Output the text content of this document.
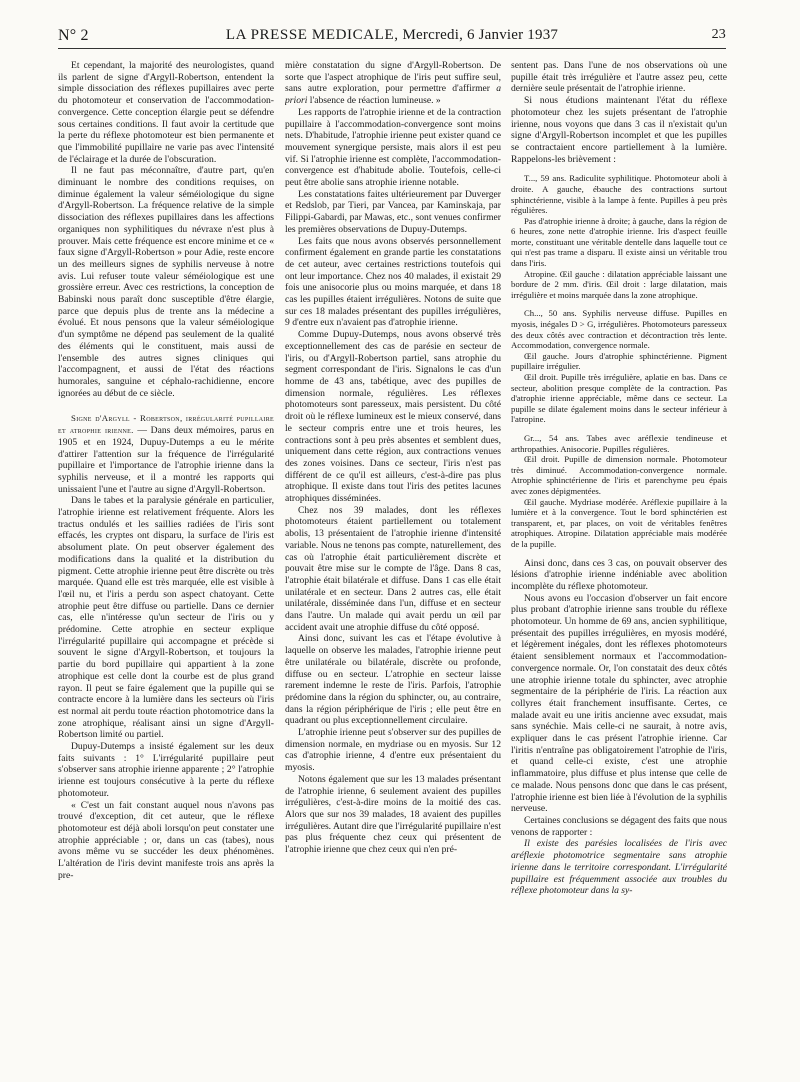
N° 2	LA PRESSE MEDICALE, Mercredi, 6 Janvier 1937	23

Et cependant, la majorité des neurologistes, quand ils parlent de signe d'Argyll-Robertson, entendent la simple dissociation des réflexes pupillaires avec perte du photomoteur et conservation de l'accommodation-convergence. Cette conception élargie peut se défendre sous certaines conditions. Il faut avoir la certitude que la perte du réflexe photomoteur est bien permanente et que l'immobilité pupillaire ne varie pas avec l'intensité de l'éclairage et la durée de l'obscuration.

Il ne faut pas méconnaître, d'autre part, qu'en diminuant le nombre des conditions requises, on diminue également la valeur séméiologique du signe d'Argyll-Robertson. La fréquence relative de la simple dissociation des réflexes pupillaires dans les affections organiques non syphilitiques du névraxe n'est plus à prouver. Mais cette fréquence est encore minime et ce « faux signe d'Argyll-Robertson » pour Adie, reste encore un des meilleurs signes de syphilis nerveuse à notre avis. Lui refuser toute valeur séméiologique est une grossière erreur. Avec ces restrictions, la conception de Babinski nous paraît donc susceptible d'être élargie, parce que depuis plus de trente ans la médecine a évolué. Et nous pensons que la valeur séméiologique d'un symptôme ne dépend pas seulement de la qualité des éléments qui le constituent, mais aussi de l'ensemble des autres signes cliniques qui l'accompagnent, et aussi de l'état des réactions humorales, sanguine et céphalo-rachidienne, encore ignorées au début de ce siècle.

Signe d'Argyll - Robertson, irrégularité pupillaire et atrophie irienne. — Dans deux mémoires, parus en 1905 et en 1924, Dupuy-Dutemps a eu le mérite d'attirer l'attention sur la fréquence de l'irrégularité pupillaire et l'importance de l'atrophie irienne dans la syphilis nerveuse, et il a montré les rapports qui unissaient l'une et l'autre au signe d'Argyll-Robertson.

Dans le tabes et la paralysie générale en particulier, l'atrophie irienne est relativement fréquente. Alors les tractus ondulés et les saillies radiées de l'iris sont effacés, les cryptes ont disparu, la surface de l'iris est absolument plate. On peut observer également des modifications dans la qualité et la distribution du pigment. Cette atrophie irienne peut être discrète ou très marquée. Quand elle est très marquée, elle est visible à l'œil nu, et l'iris a perdu son aspect chatoyant. Cette atrophie peut être diffuse ou partielle. Dans ce dernier cas, elle n'intéresse qu'un secteur de l'iris ou y prédomine. Cette atrophie en secteur explique l'irrégularité pupillaire qui accompagne et précède si souvent le signe d'Argyll-Robertson, et toujours la partie du bord pupillaire qui appartient à la zone atrophique est celle dont la courbe est de plus grand rayon. Il peut se faire également que la pupille qui se contracte encore à la lumière dans les secteurs où l'iris est normal ait perdu toute réaction photomotrice dans la zone atrophique, réalisant ainsi un signe d'Argyll-Robertson limité ou partiel.

Dupuy-Dutemps a insisté également sur les deux faits suivants : 1° L'irrégularité pupillaire peut s'observer sans atrophie irienne apparente ; 2° l'atrophie irienne est toujours consécutive à la perte du réflexe photomoteur.

« C'est un fait constant auquel nous n'avons pas trouvé d'exception, dit cet auteur, que le réflexe photomoteur est déjà aboli lorsqu'on peut constater une atrophie appréciable ; or, dans un cas (tabes), nous avons même vu se succéder les deux phénomènes. L'altération de l'iris devint manifeste trois ans après la pre-

mière constatation du signe d'Argyll-Robertson. De sorte que l'aspect atrophique de l'iris peut suffire seul, sans autre exploration, pour permettre d'affirmer a priori l'absence de réaction lumineuse. »

Les rapports de l'atrophie irienne et de la contraction pupillaire à l'accommodation-convergence sont moins nets. D'habitude, l'atrophie irienne peut exister quand ce mouvement synergique persiste, mais alors il est peu vif. Si l'atrophie irienne est complète, l'accommodation-convergence est d'habitude abolie. Toutefois, celle-ci peut être abolie sans atrophie irienne notable.

Les constatations faites ultérieurement par Duverger et Redslob, par Tieri, par Vancea, par Kaminskaja, par Filippi-Gabardi, par Mawas, etc., sont venues confirmer les premières observations de Dupuy-Dutemps.

Les faits que nous avons observés personnellement confirment également en grande partie les constatations de cet auteur, avec certaines restrictions toutefois qui ont leur importance. Chez nos 40 malades, il existait 29 fois une anisocorie plus ou moins marquée, et dans 18 cas les pupilles étaient irrégulières. Notons de suite que sur ces 18 malades présentant des pupilles irrégulières, 9 d'entre eux n'avaient pas d'atrophie irienne.

Comme Dupuy-Dutemps, nous avons observé très exceptionnellement des cas de parésie en secteur de l'iris, ou d'Argyll-Robertson partiel, sans atrophie du segment correspondant de l'iris. Signalons le cas d'un homme de 43 ans, tabétique, avec des pupilles de dimension normale, régulières. Les réflexes photomoteurs sont paresseux, mais persistent. Du côté droit où le réflexe lumineux est le mieux conservé, dans le secteur compris entre une et trois heures, les contractions sont à peu près absentes et semblent dues, uniquement dans cette région, aux contractions venues des zones voisines. Dans ce secteur, l'iris n'est pas différent de ce qu'il est ailleurs, c'est-à-dire pas plus atrophique. Il existe dans tout l'iris des petites lacunes atrophiques disséminées.

Chez nos 39 malades, dont les réflexes photomoteurs étaient partiellement ou totalement abolis, 13 présentaient de l'atrophie irienne d'intensité variable. Nous ne tenons pas compte, naturellement, des cas où l'atrophie était particulièrement discrète et pouvait être mise sur le compte de l'âge. Dans 8 cas, l'atrophie était bilatérale et diffuse. Dans 1 cas elle était unilatérale et en secteur. Dans 2 autres cas, elle était unilatérale, disséminée dans l'un, diffuse et en secteur dans l'autre. Un malade qui avait perdu un œil par accident avait une atrophie diffuse du côté opposé.

Ainsi donc, suivant les cas et l'étape évolutive à laquelle on observe les malades, l'atrophie irienne peut être unilatérale ou bilatérale, discrète ou profonde, diffuse ou en secteur. L'atrophie en secteur laisse rarement indemne le reste de l'iris. Parfois, l'atrophie prédomine dans la région du sphincter, ou, au contraire, dans la région périphérique de l'iris ; elle peut être en quadrant ou plus exceptionnellement circulaire.

L'atrophie irienne peut s'observer sur des pupilles de dimension normale, en mydriase ou en myosis. Sur 12 cas d'atrophie irienne, 4 d'entre eux présentaient du myosis.

Notons également que sur les 13 malades présentant de l'atrophie irienne, 6 seulement avaient des pupilles irrégulières, c'est-à-dire moins de la moitié des cas. Alors que sur nos 39 malades, 18 avaient des pupilles irrégulières. Autant dire que l'irrégularité pupillaire n'est pas plus fréquente chez ceux qui présentent de l'atrophie irienne que chez ceux qui n'en pré-

sentent pas. Dans l'une de nos observations où une pupille était très irrégulière et l'autre assez peu, cette dernière seule présentait de l'atrophie irienne.

Si nous étudions maintenant l'état du réflexe photomoteur chez les sujets présentant de l'atrophie irienne, nous voyons que dans 3 cas il n'existait qu'un signe d'Argyll-Robertson incomplet et que les pupilles se contractaient encore partiellement à la lumière. Rappelons-les brièvement :

T..., 59 ans. Radiculite syphilitique. Photomoteur aboli à droite. A gauche, ébauche des contractions surtout sphinctérienne, visible à la lampe à fente. Pupilles à peu près régulières.

Pas d'atrophie irienne à droite; à gauche, dans la région de 6 heures, zone nette d'atrophie irienne. Iris d'aspect feuille morte, constituant une véritable dentelle dans laquelle tout ce qui n'est pas trame a disparu. Il existe ainsi un véritable trou dans l'iris.

Atropine. Œil gauche : dilatation appréciable laissant une bordure de 2 mm. d'iris. Œil droit : large dilatation, mais irrégulière et moins marquée dans la zone atrophique.

Ch..., 50 ans. Syphilis nerveuse diffuse. Pupilles en myosis, inégales D > G, irrégulières. Photomoteurs paresseux des deux côtés avec contraction et décontraction très lente. Accommodation, convergence normale.

Œil gauche. Jours d'atrophie sphinctérienne. Pigment pupillaire irrégulier.

Œil droit. Pupille très irrégulière, aplatie en bas. Dans ce secteur, abolition presque complète de la contraction. Pas d'atrophie irienne appréciable, même dans ce secteur. La pupille se dilate également moins dans le secteur inférieur à l'atropine.

Gr..., 54 ans. Tabes avec aréflexie tendineuse et arthropathies. Anisocorie. Pupilles régulières.

Œil droit. Pupille de dimension normale. Photomoteur très diminué. Accommodation-convergence normale. Atrophie sphinctérienne de l'iris et parenchyme peu épais avec zones dépigmentées.

Œil gauche. Mydriase modérée. Aréflexie pupillaire à la lumière et à la convergence. Tout le bord sphinctérien est transparent, et, par places, on voit de véritables fenêtres atrophiques. Atropine. Dilatation appréciable mais modérée de la pupille.

Ainsi donc, dans ces 3 cas, on pouvait observer des lésions d'atrophie irienne indéniable avec abolition incomplète du réflexe photomoteur.

Nous avons eu l'occasion d'observer un fait encore plus probant d'atrophie irienne sans trouble du réflexe photomoteur. Un homme de 69 ans, ancien syphilitique, présentait des pupilles irrégulières, en myosis modéré, et légèrement inégales, dont les réflexes photomoteurs étaient sensiblement normaux et l'accommodation-convergence normale. Or, l'on constatait des deux côtés une atrophie irienne totale du sphincter, avec atrophie segmentaire de la périphérie de l'iris. La réaction aux collyres était franchement insuffisante. Certes, ce malade avait eu une iritis ancienne avec exsudat, mais sans synéchie. Mais celle-ci ne saurait, à notre avis, expliquer dans le cas présent l'atrophie irienne. Car l'iritis n'entraîne pas obligatoirement l'atrophie de l'iris, et quand celle-ci existe, c'est une atrophie inflammatoire, plus diffuse et plus intense que celle de ce malade. Nous pensons donc que dans le cas présent, l'atrophie irienne est bien liée à l'évolution de la syphilis nerveuse.

Certaines conclusions se dégagent des faits que nous venons de rapporter :

Il existe des parésies localisées de l'iris avec aréflexie photomotrice segmentaire sans atrophie irienne dans le territoire correspondant. L'irrégularité pupillaire est fréquemment associée aux troubles du réflexe photomoteur dans la sy-
